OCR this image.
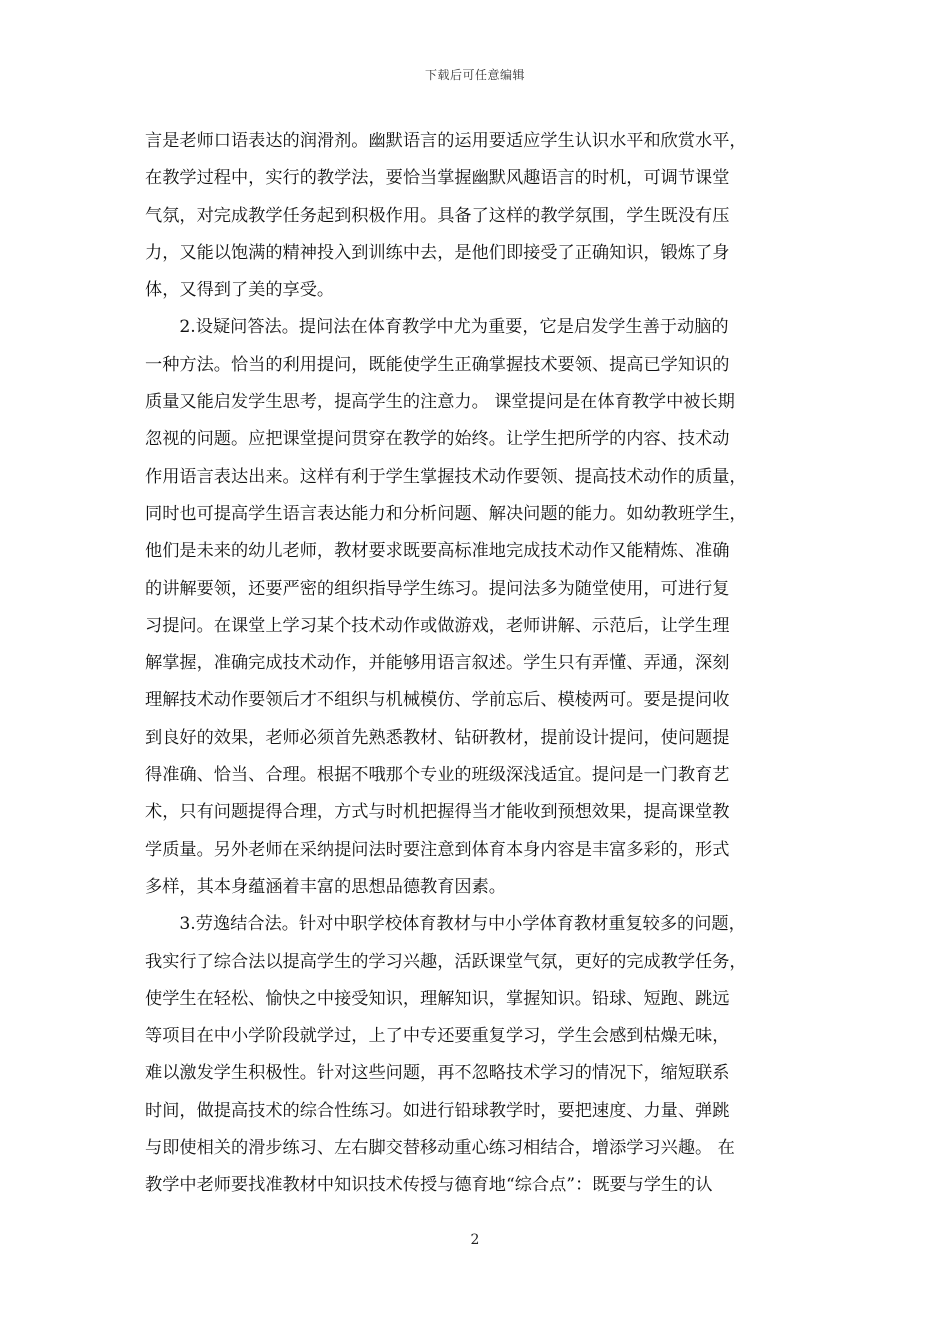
下载后可任意编辑
言是老师口语表达的润滑剂。幽默语言的运用要适应学生认识水平和欣赏水平，
在教学过程中，实行的教学法，要恰当掌握幽默风趣语言的时机，可调节课堂
气氛，对完成教学任务起到积极作用。具备了这样的教学氛围，学生既没有压
力，又能以饱满的精神投入到训练中去，是他们即接受了正确知识，锻炼了身
体，又得到了美的享受。
　　2.设疑问答法。提问法在体育教学中尤为重要，它是启发学生善于动脑的
一种方法。恰当的利用提问，既能使学生正确掌握技术要领、提高已学知识的
质量又能启发学生思考，提高学生的注意力。 课堂提问是在体育教学中被长期
忽视的问题。应把课堂提问贯穿在教学的始终。让学生把所学的内容、技术动
作用语言表达出来。这样有利于学生掌握技术动作要领、提高技术动作的质量，
同时也可提高学生语言表达能力和分析问题、解决问题的能力。如幼教班学生，
他们是未来的幼儿老师，教材要求既要高标准地完成技术动作又能精炼、准确
的讲解要领，还要严密的组织指导学生练习。提问法多为随堂使用，可进行复
习提问。在课堂上学习某个技术动作或做游戏，老师讲解、示范后，让学生理
解掌握，准确完成技术动作，并能够用语言叙述。学生只有弄懂、弄通，深刻
理解技术动作要领后才不组织与机械模仿、学前忘后、模棱两可。要是提问收
到良好的效果，老师必须首先熟悉教材、钻研教材，提前设计提问，使问题提
得准确、恰当、合理。根据不哦那个专业的班级深浅适宜。提问是一门教育艺
术，只有问题提得合理，方式与时机把握得当才能收到预想效果，提高课堂教
学质量。另外老师在采纳提问法时要注意到体育本身内容是丰富多彩的，形式
多样，其本身蕴涵着丰富的思想品德教育因素。
　　3.劳逸结合法。针对中职学校体育教材与中小学体育教材重复较多的问题，
我实行了综合法以提高学生的学习兴趣，活跃课堂气氛，更好的完成教学任务，
使学生在轻松、愉快之中接受知识，理解知识，掌握知识。铅球、短跑、跳远
等项目在中小学阶段就学过，上了中专还要重复学习，学生会感到枯燥无味，
难以激发学生积极性。针对这些问题，再不忽略技术学习的情况下，缩短联系
时间，做提高技术的综合性练习。如进行铅球教学时，要把速度、力量、弹跳
与即使相关的滑步练习、左右脚交替移动重心练习相结合，增添学习兴趣。 在
教学中老师要找准教材中知识技术传授与德育地“综合点”：既要与学生的认
2
